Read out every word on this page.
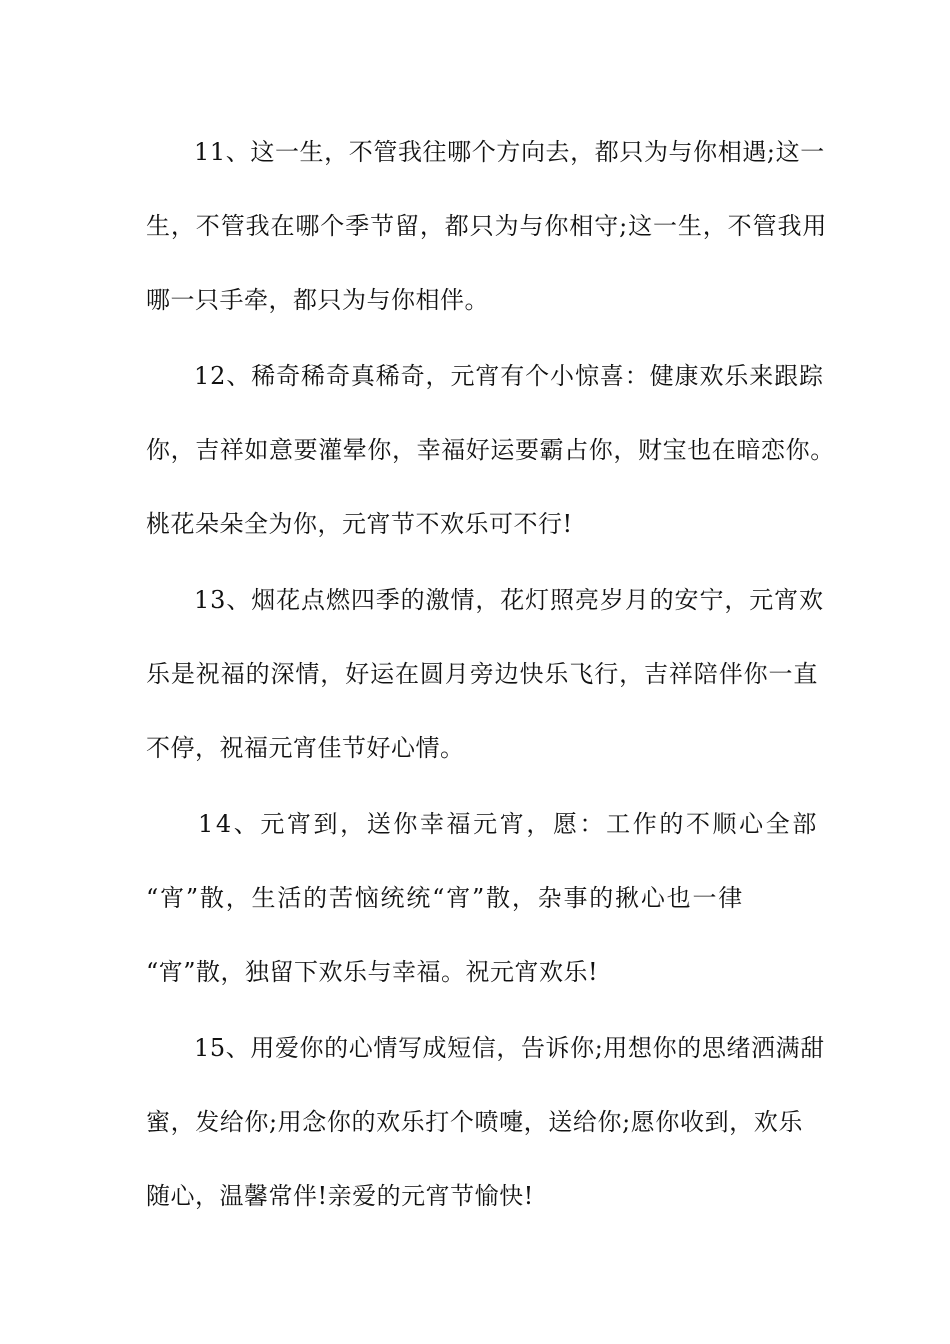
11、这一生，不管我往哪个方向去，都只为与你相遇;这一
生，不管我在哪个季节留，都只为与你相守;这一生，不管我用
哪一只手牵，都只为与你相伴。
12、稀奇稀奇真稀奇，元宵有个小惊喜：健康欢乐来跟踪
你，吉祥如意要灌晕你，幸福好运要霸占你，财宝也在暗恋你。
桃花朵朵全为你，元宵节不欢乐可不行!
13、烟花点燃四季的激情，花灯照亮岁月的安宁，元宵欢
乐是祝福的深情，好运在圆月旁边快乐飞行，吉祥陪伴你一直
不停，祝福元宵佳节好心情。
14、元宵到，送你幸福元宵，愿：工作的不顺心全部
“宵”散，生活的苦恼统统“宵”散，杂事的揪心也一律
“宵”散，独留下欢乐与幸福。祝元宵欢乐!
15、用爱你的心情写成短信，告诉你;用想你的思绪洒满甜
蜜，发给你;用念你的欢乐打个喷嚏，送给你;愿你收到，欢乐
随心，温馨常伴!亲爱的元宵节愉快!
